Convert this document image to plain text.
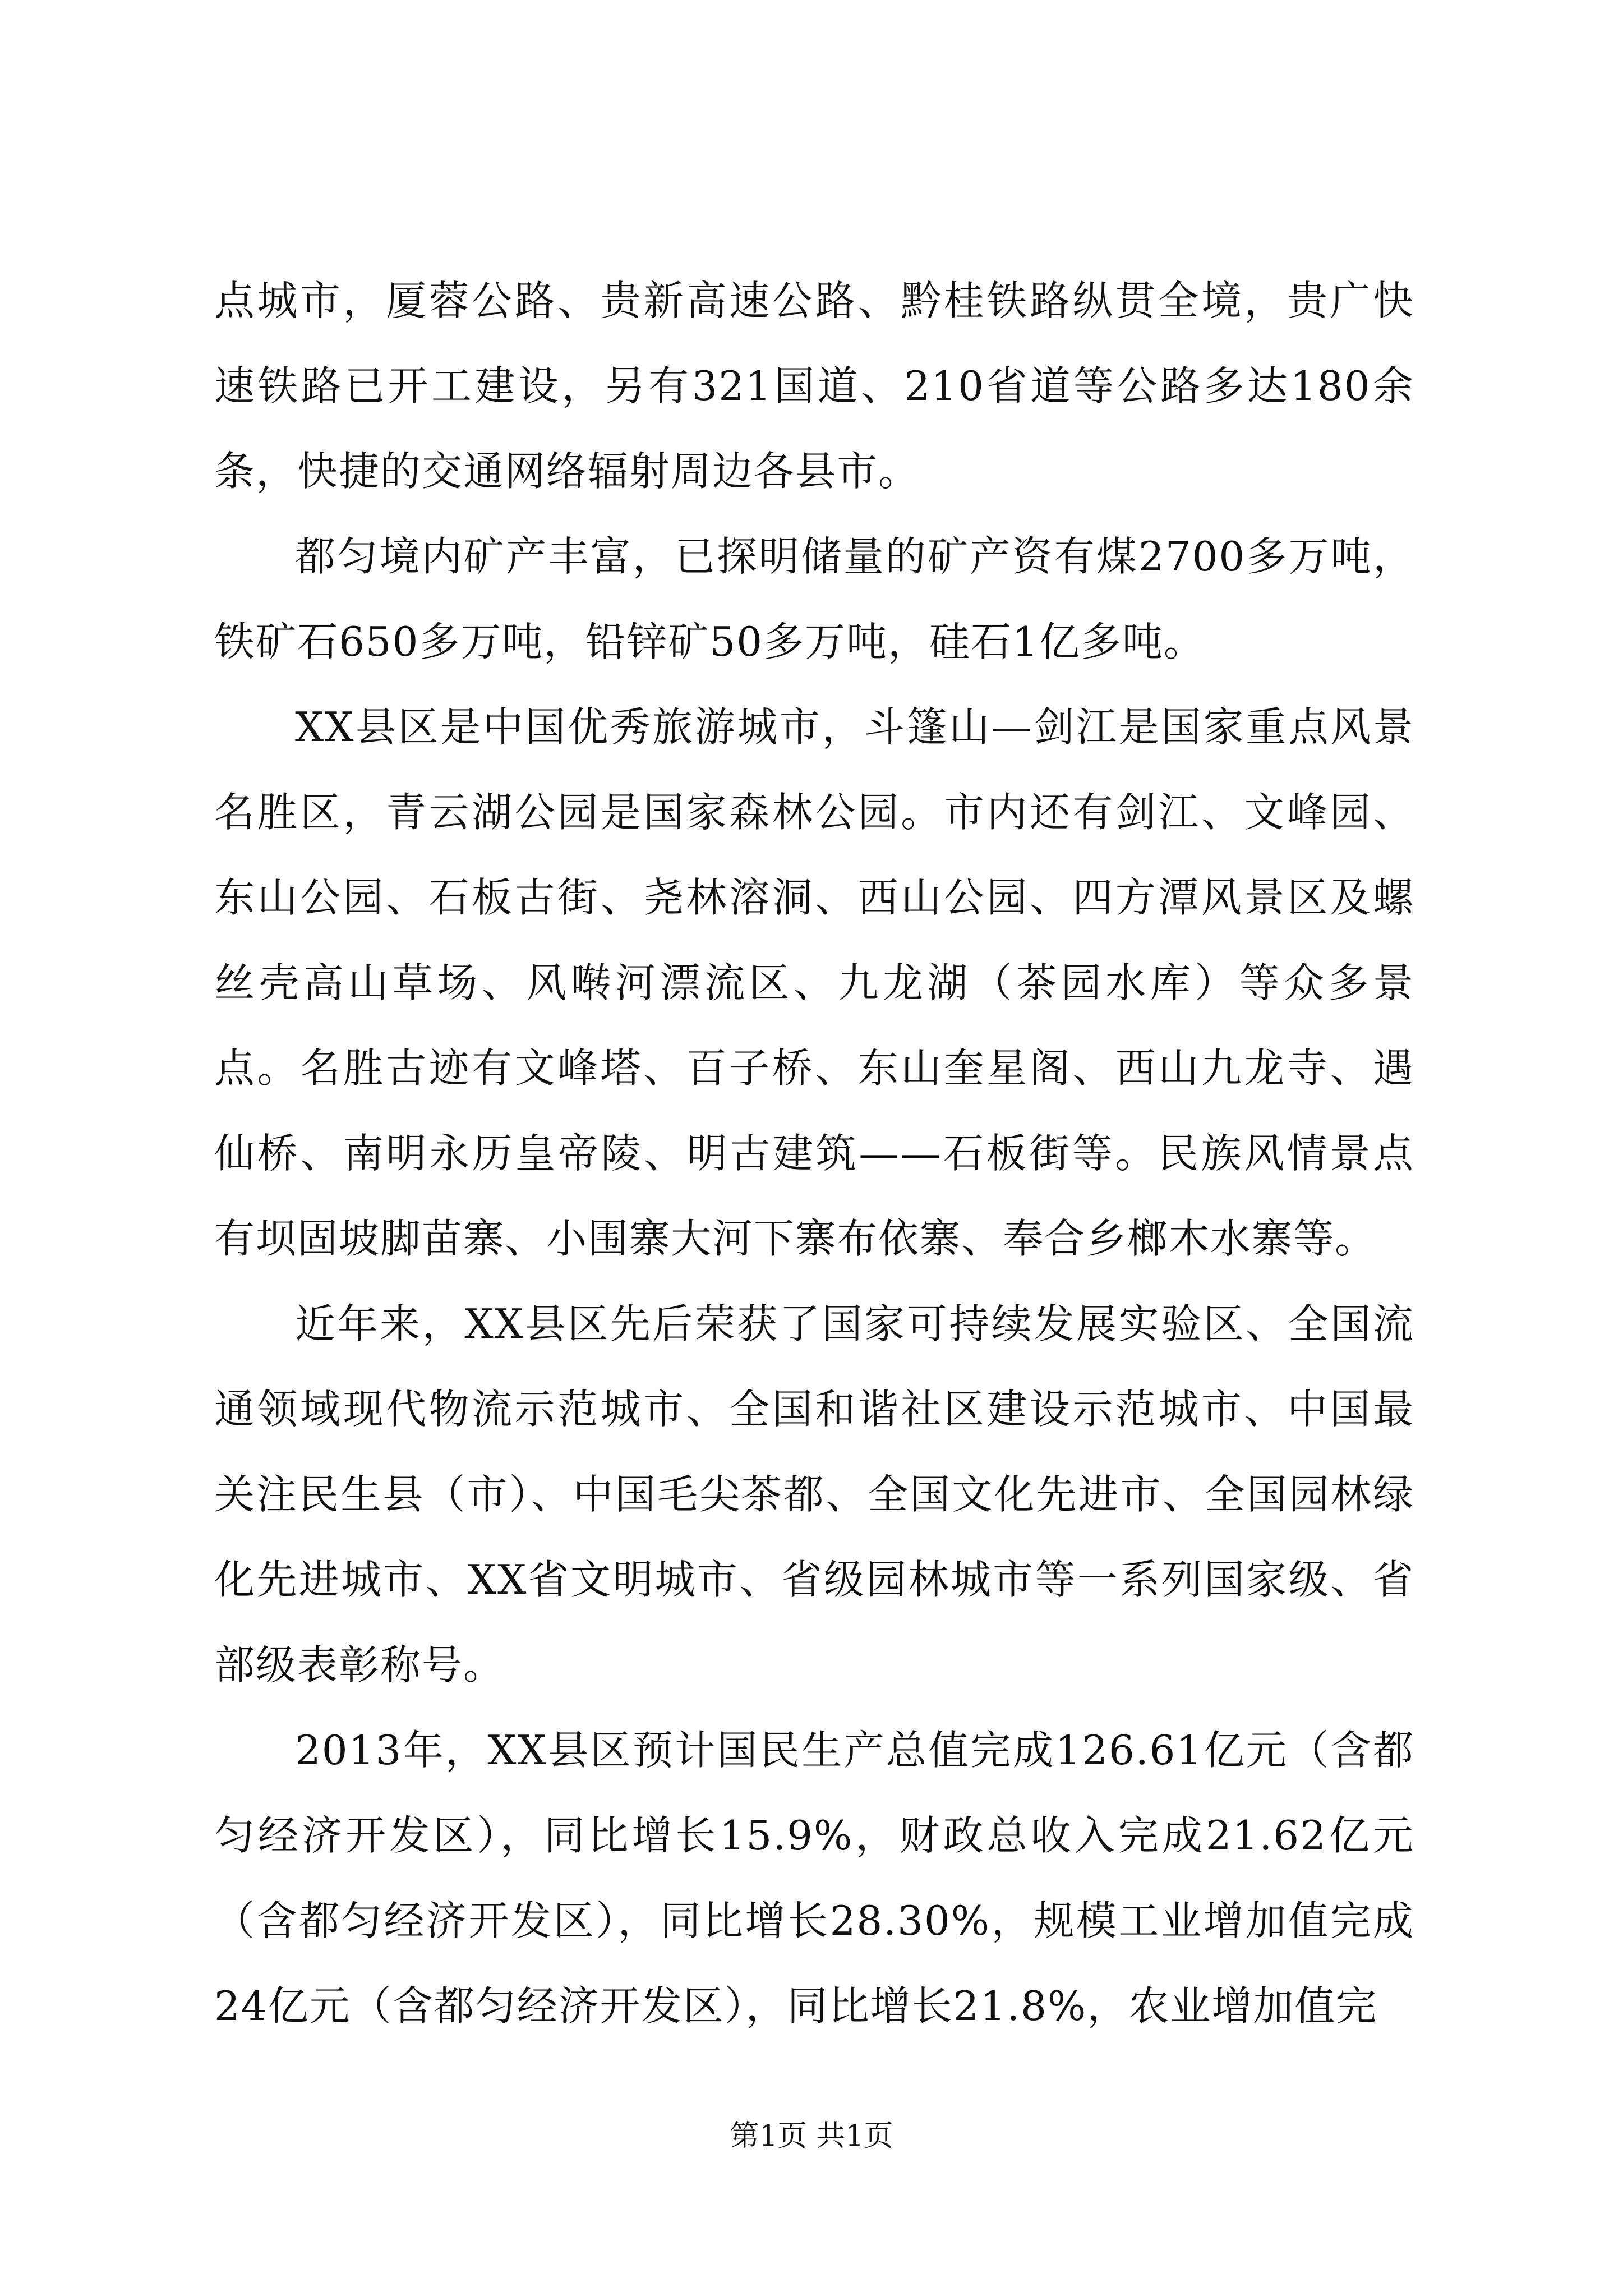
点城市，厦蓉公路、贵新高速公路、黔桂铁路纵贯全境，贵广快速铁路已开工建设，另有321国道、210省道等公路多达180余条，快捷的交通网络辐射周边各县市。

都匀境内矿产丰富，已探明储量的矿产资有煤2700多万吨，铁矿石650多万吨，铅锌矿50多万吨，硅石1亿多吨。

XX县区是中国优秀旅游城市，斗篷山—剑江是国家重点风景名胜区，青云湖公园是国家森林公园。市内还有剑江、文峰园、东山公园、石板古街、尧林溶洞、西山公园、四方潭风景区及螺丝壳高山草场、风啭河漂流区、九龙湖（茶园水库）等众多景点。名胜古迹有文峰塔、百子桥、东山奎星阁、西山九龙寺、遇仙桥、南明永历皇帝陵、明古建筑——石板街等。民族风情景点有坝固坡脚苗寨、小围寨大河下寨布依寨、奉合乡榔木水寨等。

近年来，XX县区先后荣获了国家可持续发展实验区、全国流通领域现代物流示范城市、全国和谐社区建设示范城市、中国最关注民生县（市）、中国毛尖茶都、全国文化先进市、全国园林绿化先进城市、XX省文明城市、省级园林城市等一系列国家级、省部级表彰称号。

2013年，XX县区预计国民生产总值完成126.61亿元（含都匀经济开发区），同比增长15.9%，财政总收入完成21.62亿元（含都匀经济开发区），同比增长28.30%，规模工业增加值完成24亿元（含都匀经济开发区），同比增长21.8%，农业增加值完

第1页 共1页
